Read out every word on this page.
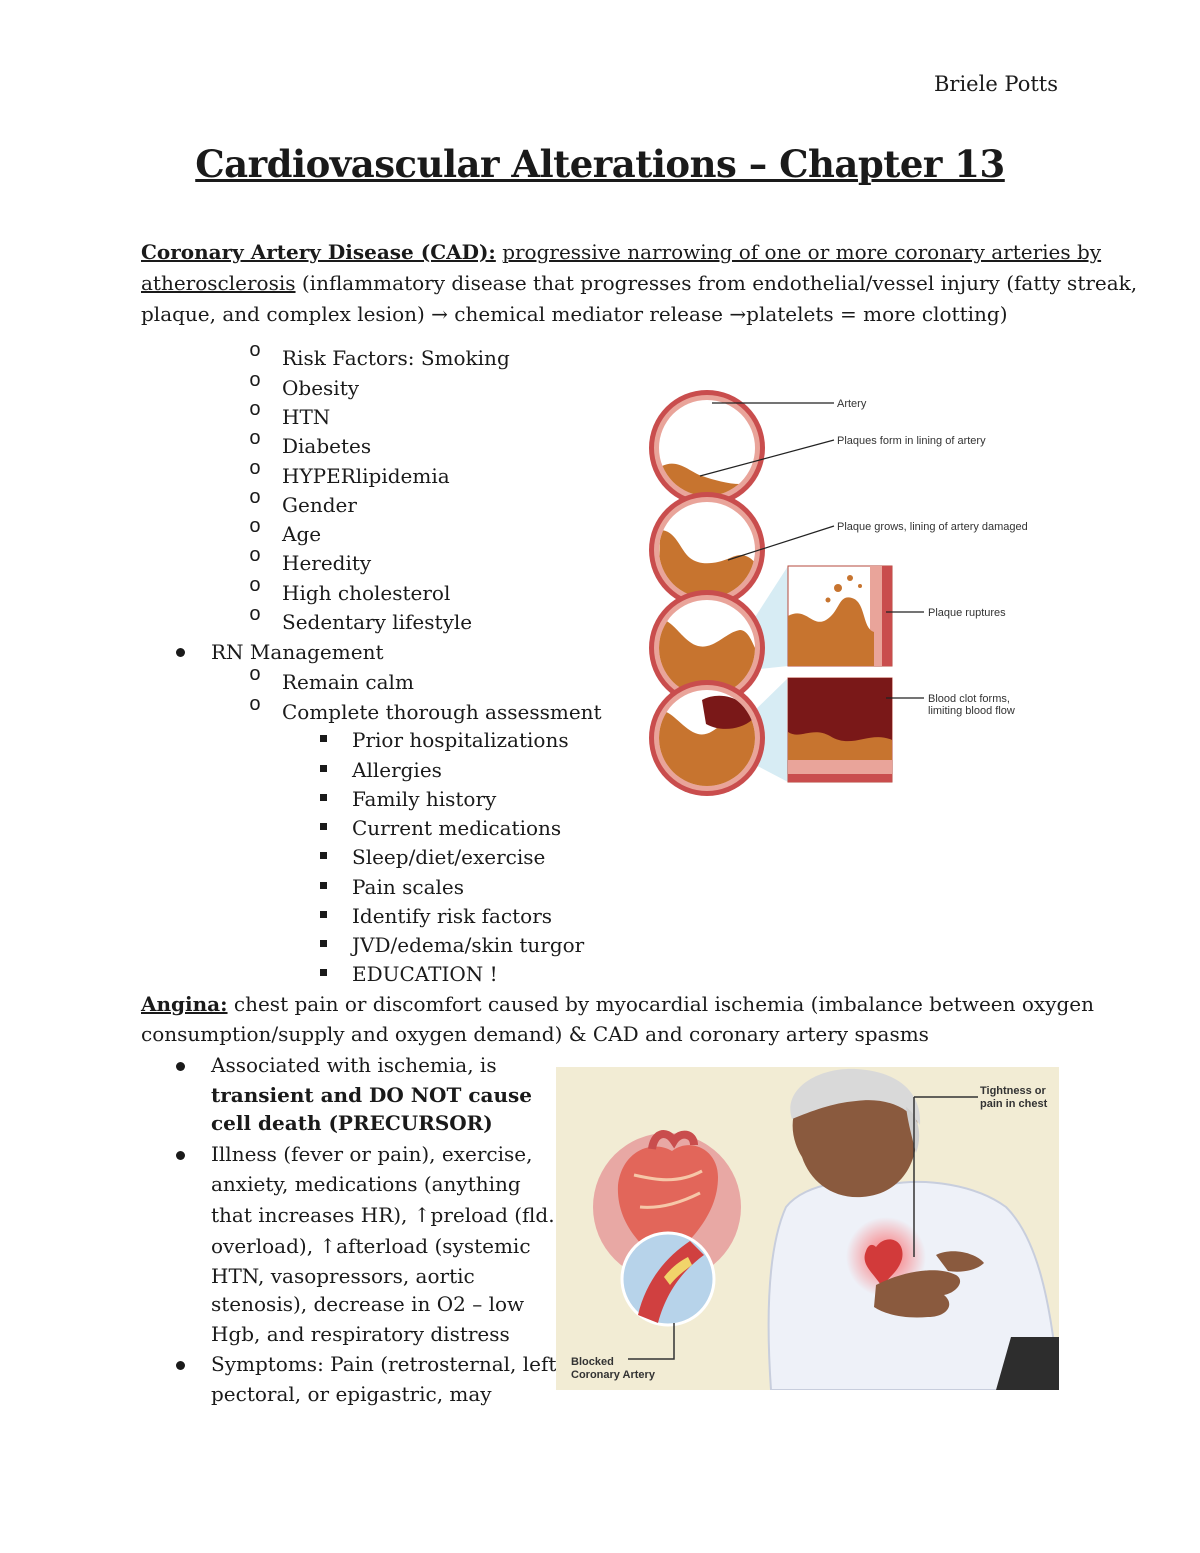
Briele Potts
Cardiovascular Alterations – Chapter 13
Coronary Artery Disease (CAD): progressive narrowing of one or more coronary arteries by
atherosclerosis (inflammatory disease that progresses from endothelial/vessel injury (fatty streak,
plaque, and complex lesion) → chemical mediator release →platelets = more clotting)
o
Risk Factors: Smoking
o
Obesity
o
HTN
o
Diabetes
o
HYPERlipidemia
o
Gender
o
Age
o
Heredity
o
High cholesterol
o
Sedentary lifestyle
RN Management
o
Remain calm
o
Complete thorough assessment
Prior hospitalizations
Allergies
Family history
Current medications
Sleep/diet/exercise
Pain scales
Identify risk factors
JVD/edema/skin turgor
EDUCATION !
Artery
Plaques form in lining of artery
Plaque grows, lining of artery damaged
Plaque ruptures
Blood clot forms,
limiting blood flow
Angina: chest pain or discomfort caused by myocardial ischemia (imbalance between oxygen
consumption/supply and oxygen demand) & CAD and coronary artery spasms
Associated with ischemia, is
transient and DO NOT cause
cell death (PRECURSOR)
Illness (fever or pain), exercise,
anxiety, medications (anything
that increases HR), ↑preload (fld.
overload), ↑afterload (systemic
HTN, vasopressors, aortic
stenosis), decrease in O2 – low
Hgb, and respiratory distress
Symptoms: Pain (retrosternal, left
pectoral, or epigastric, may
Tightness or
pain in chest
Blocked
Coronary Artery
